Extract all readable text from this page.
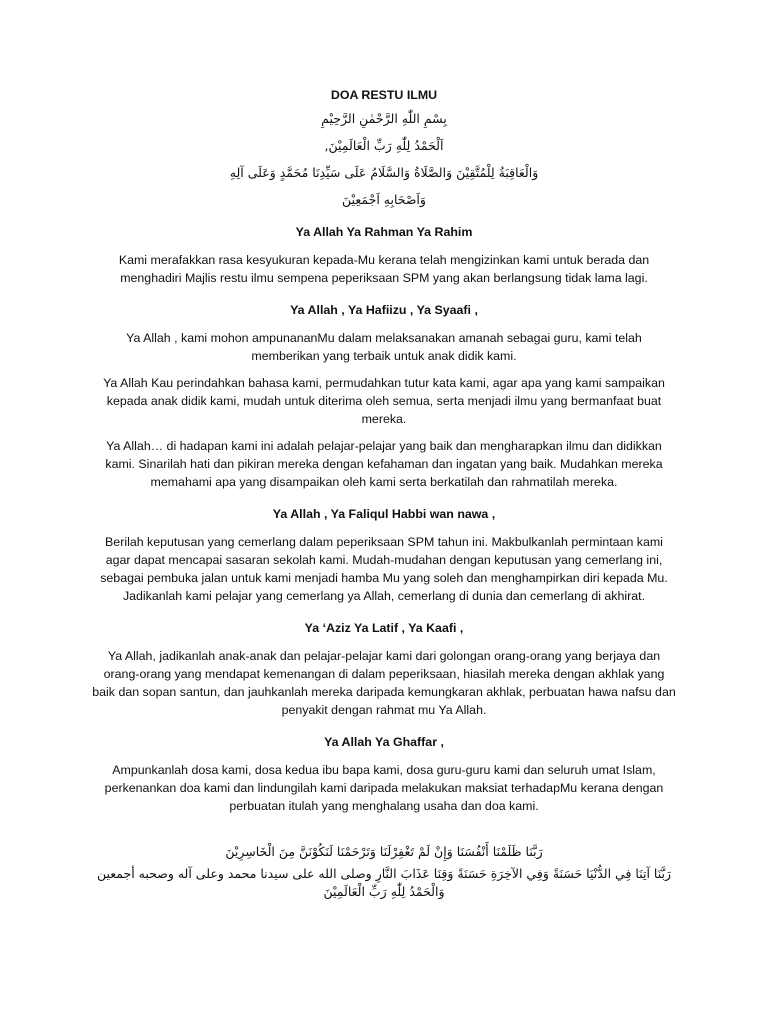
DOA RESTU ILMU
بِسْمِ اللّٰهِ الرَّحْمٰنِ الرَّحِيْمِ
اَلْحَمْدُ لِلّٰهِ رَبِّ الْعَالَمِيْنَ,
وَالْعَاقِبَةُ لِلْمُتَّقِيْنَ وَالصَّلَاةُ وَالسَّلَامُ عَلَى سَيِّدِنَا مُحَمَّدٍ وَعَلَى آلِهِ
وَاَصْحَابِهِ اَجْمَعِيْنَ
Ya Allah Ya Rahman Ya Rahim
Kami merafakkan rasa kesyukuran kepada-Mu kerana telah mengizinkan kami untuk berada dan menghadiri Majlis restu ilmu sempena peperiksaan SPM yang akan berlangsung tidak lama lagi.
Ya Allah , Ya Hafiizu , Ya Syaafi ,
Ya Allah , kami mohon ampunananMu dalam melaksanakan amanah sebagai guru, kami telah memberikan yang terbaik untuk anak didik kami.
Ya Allah Kau perindahkan bahasa kami, permudahkan tutur kata kami, agar apa yang kami sampaikan kepada anak didik kami, mudah untuk diterima oleh semua, serta menjadi ilmu yang bermanfaat buat mereka.
Ya Allah… di hadapan kami ini adalah pelajar-pelajar yang baik dan mengharapkan ilmu dan didikkan kami. Sinarilah hati dan pikiran mereka dengan kefahaman dan ingatan yang baik. Mudahkan mereka memahami apa yang disampaikan oleh kami serta berkatilah dan rahmatilah mereka.
Ya Allah , Ya Faliqul Habbi wan nawa ,
Berilah keputusan yang cemerlang dalam peperiksaan SPM tahun ini. Makbulkanlah permintaan kami agar dapat mencapai sasaran sekolah kami. Mudah-mudahan dengan keputusan yang cemerlang ini, sebagai pembuka jalan untuk kami menjadi hamba Mu yang soleh dan menghampirkan diri kepada Mu. Jadikanlah kami pelajar yang cemerlang ya Allah, cemerlang di dunia dan cemerlang di akhirat.
Ya ‘Aziz Ya Latif , Ya Kaafi ,
Ya Allah, jadikanlah anak-anak dan pelajar-pelajar kami dari golongan orang-orang yang berjaya dan orang-orang yang mendapat kemenangan di dalam peperiksaan, hiasilah mereka dengan akhlak yang baik dan sopan santun, dan jauhkanlah mereka daripada kemungkaran akhlak, perbuatan hawa nafsu dan penyakit dengan rahmat mu Ya Allah.
Ya Allah Ya Ghaffar ,
Ampunkanlah dosa kami, dosa kedua ibu bapa kami, dosa guru-guru kami dan seluruh umat Islam, perkenankan doa kami dan lindungilah kami daripada melakukan maksiat terhadapMu kerana dengan perbuatan itulah yang menghalang usaha dan doa kami.
رَبَّنَا ظَلَمْنَا أَنْفُسَنَا وَإِنْ لَمْ تَغْفِرْلَنَا وَتَرْحَمْنَا لَنَكُوْنَنَّ مِنَ الْخَاسِرِيْنَ
رَبَّنَا آتِنَا فِي الدُّنْيَا حَسَنَةً وَفِي الآخِرَةِ حَسَنَةً وَقِنَا عَذَابَ النَّارِ وصلى الله على سيدنا محمد وعلى آله وصحبه أجمعين وَالْحَمْدُ لِلّٰهِ رَبِّ الْعَالَمِيْنَ
